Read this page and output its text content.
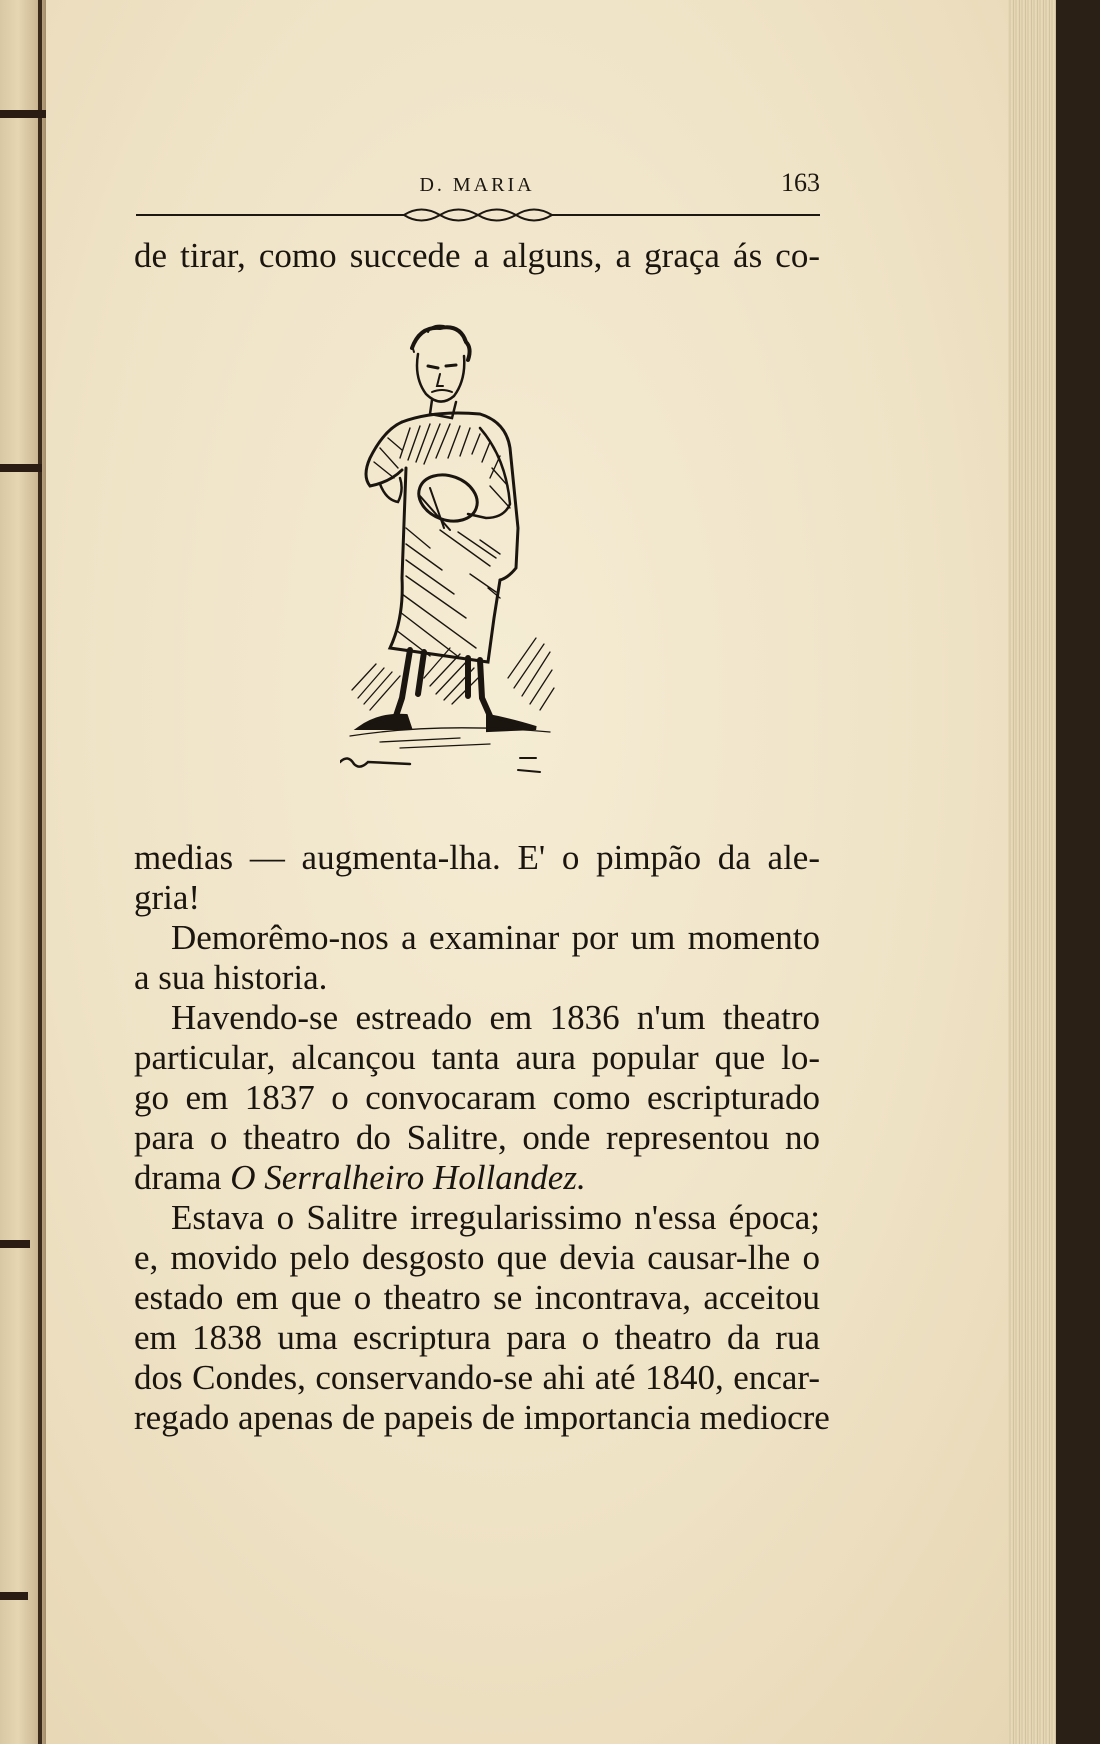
D. MARIA	163
de tirar, como succede a alguns, a graça ás co-
medias — augmenta-lha. E' o pimpão da ale-
gria!
Demorêmo-nos a examinar por um momento
a sua historia.
Havendo-se estreado em 1836 n'um theatro
particular, alcançou tanta aura popular que lo-
go em 1837 o convocaram como escripturado
para o theatro do Salitre, onde representou no
drama O Serralheiro Hollandez.
Estava o Salitre irregularissimo n'essa época;
e, movido pelo desgosto que devia causar-lhe o
estado em que o theatro se incontrava, acceitou
em 1838 uma escriptura para o theatro da rua
dos Condes, conservando-se ahi até 1840, encar-
regado apenas de papeis de importancia mediocre
